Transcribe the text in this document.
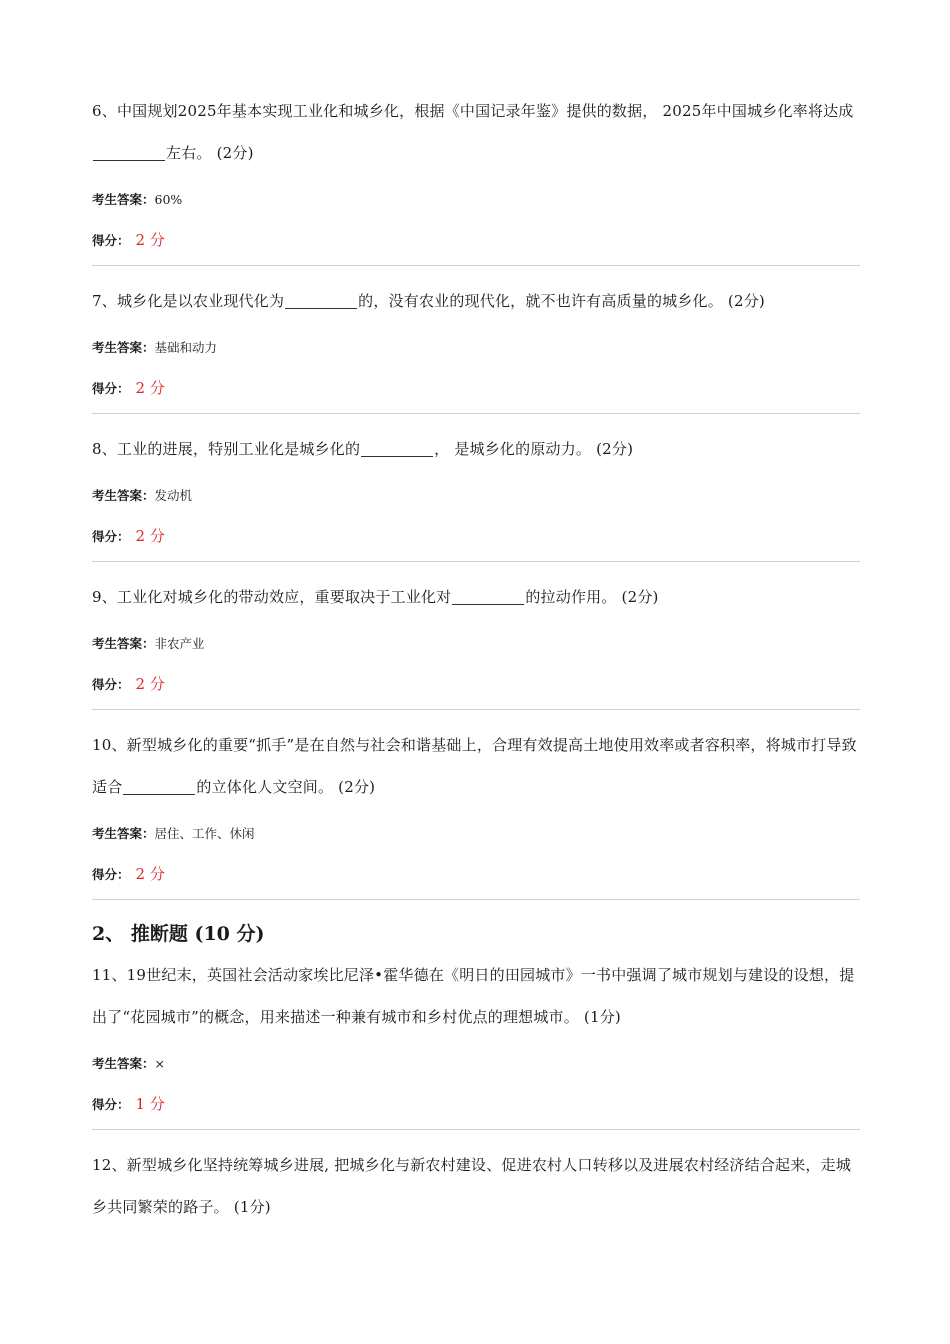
6、中国规划2025年基本实现工业化和城乡化，根据《中国记录年鉴》提供的数据， 2025年中国城乡化率将达成左右。 (2分)

考生答案：60%
得分： 2 分

7、城乡化是以农业现代化为	的，没有农业的现代化，就不也许有高质量的城乡化。 (2分)

考生答案：基础和动力
得分： 2 分

8、工业的进展，特别工业化是城乡化的	， 是城乡化的原动力。 (2分)

考生答案：发动机
得分： 2 分

9、工业化对城乡化的带动效应，重要取决于工业化对	的拉动作用。 (2分)

考生答案：非农产业
得分： 2 分

10、新型城乡化的重要“抓手”是在自然与社会和谐基础上，合理有效提高土地使用效率或者容积率，将城市打导致适合	的立体化人文空间。 (2分)

考生答案：居住、工作、休闲
得分： 2 分
2、 推断题 (10 分)

11、19世纪末，英国社会活动家埃比尼泽•霍华德在《明日的田园城市》一书中强调了城市规划与建设的设想，提出了“花园城市”的概念，用来描述一种兼有城市和乡村优点的理想城市。 (1分)

考生答案：×
得分： 1 分

12、新型城乡化坚持统筹城乡进展, 把城乡化与新农村建设、促进农村人口转移以及进展农村经济结合起来，走城乡共同繁荣的路子。 (1分)
